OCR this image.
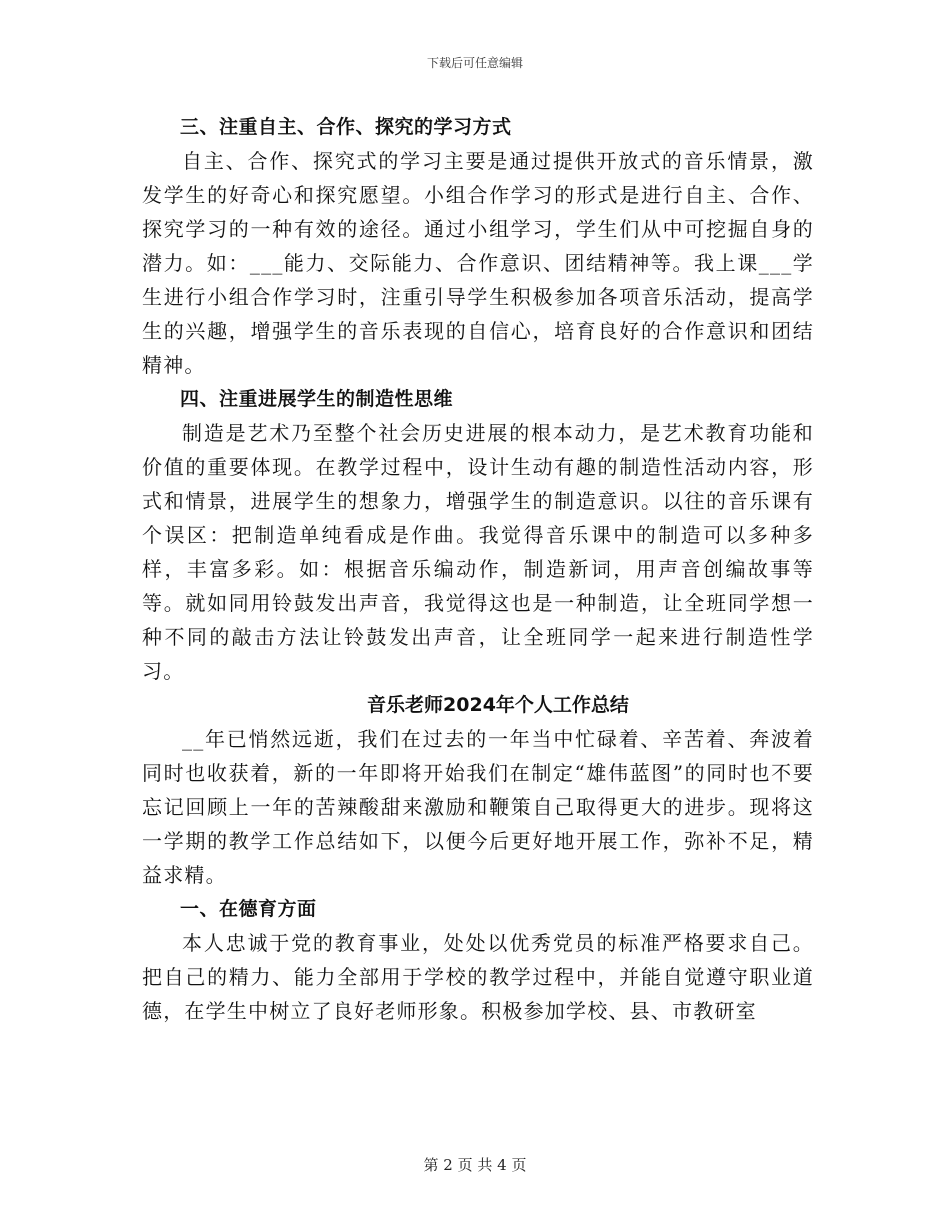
下载后可任意编辑
三、注重自主、合作、探究的学习方式

自主、合作、探究式的学习主要是通过提供开放式的音乐情景，激发学生的好奇心和探究愿望。小组合作学习的形式是进行自主、合作、探究学习的一种有效的途径。通过小组学习，学生们从中可挖掘自身的潜力。如：___能力、交际能力、合作意识、团结精神等。我上课___学生进行小组合作学习时，注重引导学生积极参加各项音乐活动，提高学生的兴趣，增强学生的音乐表现的自信心，培育良好的合作意识和团结精神。

四、注重进展学生的制造性思维

制造是艺术乃至整个社会历史进展的根本动力，是艺术教育功能和价值的重要体现。在教学过程中，设计生动有趣的制造性活动内容，形式和情景，进展学生的想象力，增强学生的制造意识。以往的音乐课有个误区：把制造单纯看成是作曲。我觉得音乐课中的制造可以多种多样，丰富多彩。如：根据音乐编动作，制造新词，用声音创编故事等等。就如同用铃鼓发出声音，我觉得这也是一种制造，让全班同学想一种不同的敲击方法让铃鼓发出声音，让全班同学一起来进行制造性学习。

音乐老师2024年个人工作总结

__年已悄然远逝，我们在过去的一年当中忙碌着、辛苦着、奔波着同时也收获着，新的一年即将开始我们在制定“雄伟蓝图”的同时也不要忘记回顾上一年的苦辣酸甜来激励和鞭策自己取得更大的进步。现将这一学期的教学工作总结如下，以便今后更好地开展工作，弥补不足，精益求精。

一、在德育方面

本人忠诚于党的教育事业，处处以优秀党员的标准严格要求自己。把自己的精力、能力全部用于学校的教学过程中，并能自觉遵守职业道德，在学生中树立了良好老师形象。积极参加学校、县、市教研室

第 2 页 共 4 页
